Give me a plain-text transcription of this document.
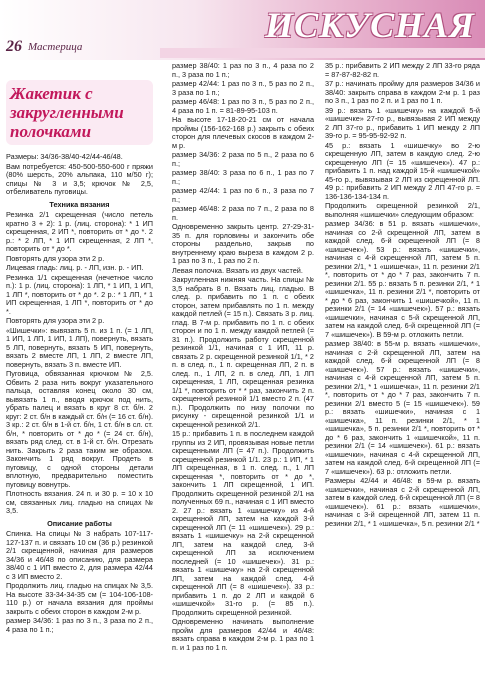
ИСКУСНАЯ
26 Мастерица
Жакетик с закругленными полочками

Размеры: 34/36-38/40-42/44-46/48.

Вам потребуется: 450-500-550-600 г пряжи (80% шерсть, 20% альпака, 110 м/50 г); спицы № 3 и 3,5; крючок № 2,5, отбеливатель пуговицы.

Техника вязания

Резинка 2/1 скрещенная (число петель кратно 3 + 2): 1 р. (лиц. сторона): * 1 ИП скрещенная, 2 ИП *, повторить от * до *. 2 р.: * 2 ЛП, * 1 ИП скрещенная, 2 ЛП *, повторить от * до *.

Повторять для узора эти 2 р.

Лицевая гладь: лиц. р. - ЛП, изн. р. - ИП.

Резинка 1/1 скрещенная (нечетное число п.): 1 р. (лиц. сторона): 1 ЛП, * 1 ИП, 1 ИП, 1 ЛП *, повторить от * до *. 2 р.: * 1 ЛП, * 1 ИП скрещенная, 1 ЛП *, повторить от * до *.

Повторять для узора эти 2 р.

«Шишечки»: вывязать 5 п. из 1 п. (= 1 ЛП, 1 ИП, 1 ЛП, 1 ИП, 1 ЛП), повернуть, вязать 5 ЛП, повернуть, вязать 5 ИП, повернуть, вязать 2 вместе ЛП, 1 ЛП, 2 вместе ЛП, повернуть, вязать 3 п. вместе ИП.

Пуговица, обвязанная крючком № 2,5. Обвить 2 раза нить вокруг указательного пальца, оставляя конец около 30 см, вывязать 1 п., вводя крючок под нить, убрать палец и вязать в круг 8 ст. б/н. 2 круг: 2 ст. б/н в каждый ст. б/н (= 16 ст. б/н). 3 кр.: 2 ст. б/н в 1-й ст. б/н, 1 ст. б/н в сл. ст. б/н, * повторить от * до * (= 24 ст. б/н), вязать ряд след. ст. в 1-й ст. б/н. Отрезать нить. Закрыть 2 раза таким же образом. Закончить 1 ряд вокруг. Продеть в пуговицу, с одной стороны детали вплотную, предварительно поместить пуговицу вовнутрь.

Плотность вязания. 24 п. и 30 р. = 10 x 10 см, связанных лиц. гладью на спицах № 3,5.

Описание работы

Спинка. На спицы № 3 набрать 107-117-127-137 п. и связать 10 см (36 р.) резинкой 2/1 скрещенной, начиная для размеров 34/36 и 46/48 по описанию, для размера 38/40 с 1 ИП вместо 2, для размера 42/44 с 3 ИП вместо 2.

Продолжить лиц. гладью на спицах № 3,5. На высоте 33-34-34-35 см (= 104-106-108-110 р.) от начала вязания для проймы закрыть с обеих сторон в каждом 2-м р.

размер 34/36: 1 раз по 3 п., 3 раза по 2 п., 4 раза по 1 п.;

размер 38/40: 1 раз по 3 п., 4 раза по 2 п., 3 раза по 1 п.;

размер 42/44: 1 раз по 3 п., 5 раз по 2 п., 3 раза по 1 п.;

размер 46/48: 1 раз по 3 п., 5 раз по 2 п., 4 раза по 1 п. = 81-89-95-103 п.

На высоте 17-18-20-21 см от начала проймы (156-162-168 р.) закрыть с обеих сторон для плечевых скосов в каждом 2-м р.

размер 34/36: 2 раза по 5 п., 2 раза по 6 п.;

размер 38/40: 3 раза по 6 п., 1 раз по 7 п.;

размер 42/44: 1 раз по 6 п., 3 раза по 7 п.;

размер 46/48: 2 раза по 7 п., 2 раза по 8 п.

Одновременно закрыть центр. 27-29-31-35 п. для горловины и закончить обе стороны раздельно, закрыв по внутреннему краю выреза в каждом 2 р. 1 раз по 3 п., 1 раз по 2 п.

Левая полочка. Вязать из двух частей.

Закругленная нижняя часть. На спицы № 3,5 набрать 8 п. Вязать лиц. гладью. В след. р. прибавить по 1 п. с обеих сторон, затем прибавлять по 1 п. между каждой петлей (= 15 п.). Связать 3 р. лиц. глад. В 7-м р. прибавить по 1 п. с обеих сторон и по 1 п. между каждой петлей (= 31 п.). Продолжить работу скрещенной резинкой 1/1, начиная с 1 ИП, 11 р. связать 2 р. скрещенной резинкой 1/1, * 2 п. в след. п., 1 п. скрещенная ЛП, 2 п. в след. п., 1 ЛП, 2 п. в след. ЛП, 1 ЛП скрещенная, 1 ЛП, скрещенная резинка 1/1 *, повторить от * * раз, закончить 2 п. скрещенной резинкой 1/1 вместо 2 п. (47 п.). Продолжить по низу полочки по рисунку - скрещенной резинкой 1/1 и скрещенной резинкой 2/1.

15 р.: прибавить 1 п. в последнем каждой группы из 2 ИП, провязывая новые петли скрещенными ЛП (= 47 п.). Продолжить скрещенной резинкой 1/1. 23 р.: 1 ИП, * 1 ЛП скрещенная, в 1 п. след. п., 1 ЛП скрещенная *, повторить от * до *, закончить 1 ЛП скрещенной, 1 ИП. Продолжить скрещенной резинкой 2/1 на полученных 69 п., начиная с 1 ИП вместо 2. 27 р.: вязать 1 «шишечку» из 4-й скрещенной ЛП, затем на каждой 3-й скрещенной ЛП (= 11 «шишечек»). 29 р.: вязать 1 «шишечку» на 2-й скрещенной ЛП, затем на каждой след. 3-й скрещенной ЛП за исключением последней (= 10 «шишечек»). 31 р.: вязать 1 «шишечку» на 2-й скрещенной ЛП, затем на каждой след. 4-й скрещенной ЛП (= 8 «шишечек»). 33 р.: прибавить 1 п. до 2 ЛП и каждой 6 «шишечкой» 31-го р. (= 85 п.). Продолжить скрещенной резинкой.

Одновременно начинать выполнение пройм для размеров 42/44 и 46/48: вязать справа в каждом 2-м р. 1 раз по 1 п. и 1 раз по 1 п.

35 р.: прибавить 2 ИП между 2 ЛП 33-го ряда = 87-87-82-82 п.

37 р.: начинать пройму для размеров 34/36 и 38/40: закрыть справа в каждом 2-м р. 1 раз по 3 п., 1 раз по 2 п. и 1 раз по 1 п.

39 р.: вязать 1 «шишечку» на каждой 5-й «шишечке» 27-го р., вывязывая 2 ИП между 2 ЛП 37-го р., прибавить 1 ИП между 2 ЛП 39-го р. = 95-95-92-92 п.

45 р.: вязать 1 «шишечку» во 2-ю скрещенную ЛП, затем в каждую след. 2-ю скрещенную ЛП (= 15 «шишечек»). 47 р.: прибавить 1 п. над каждой 15-й «шишечкой» 45-го р., вывязывая 2 ЛП из скрещенной ЛП. 49 р.: прибавить 2 ИП между 2 ЛП 47-го р. = 136-136-134-134 п.

Продолжить скрещенной резинкой 2/1, выполняя «шишечки» следующим образом:

размер 34/36: в 51 р. вязать «шишечки», начиная со 2-й скрещенной ЛП, затем в каждой след. 6-й скрещенной ЛП (= 8 «шишечек»). 53 р.: вязать «шишечки», начиная с 4-й скрещенной ЛП, затем 5 п. резинки 2/1, * 1 «шишечка», 11 п. резинки 2/1 *, повторить от * до * 7 раз, закончить 7 п. резинки 2/1. 55 р.: вязать 5 п. резинки 2/1, * 1 «шишечка», 11 п. резинки 2/1 *, повторить от * до * 6 раз, закончить 1 «шишечкой», 11 п. резинки 2/1 (= 14 «шишечек»). 57 р.: вязать «шишечки», начиная с 5-й скрещенной ЛП, затем на каждой след. 6-й скрещенной ЛП (= 7 «шишечек»). В 59-м р. отложить петли.

размер 38/40: в 55-м р. вязать «шишечки», начиная с 2-й скрещенной ЛП, затем на каждой след. 6-й скрещенной ЛП (= 8 «шишечек»). 57 р.: вязать «шишечки», начиная с 4-й скрещенной ЛП, затем 5 п. резинки 2/1, * 1 «шишечка», 11 п. резинки 2/1 *, повторить от * до * 7 раз, закончить 7 п. резинки 2/1 вместо 5 (= 15 «шишечек»). 59 р.: вязать «шишечки», начиная с 1 «шишечка», 11 п. резинки 2/1, * 1 «шишечка», 5 п. резинки 2/1 *, повторить от * до * 6 раз, закончить 1 «шишечкой», 11 п. резинки 2/1 (= 14 «шишечек»). 61 р.: вязать «шишечки», начиная с 4-й скрещенной ЛП, затем на каждой след. 6-й скрещенной ЛП (= 7 «шишечек»). 63 р.: отложить петли.

Размеры 42/44 и 46/48: в 59-м р. вязать «шишечки», начиная с 2-й скрещенной ЛП, затем в каждой след. 6-й скрещенной ЛП (= 8 «шишечек»). 61 р.: вязать «шишечки», начиная с 3-й скрещенной ЛП, затем 11 п. резинки 2/1, * 1 «шишечка», 5 п. резинки 2/1 *
